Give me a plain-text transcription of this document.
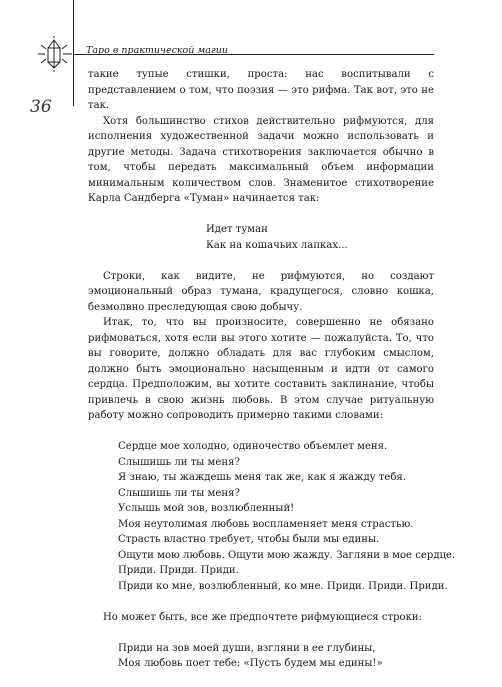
Таро в практической магии

36

такие тупые стишки, проста: нас воспитывали с представлением о том, что поэзия — это рифма. Так вот, это не так.

Хотя большинство стихов действительно рифмуются, для исполнения художественной задачи можно использовать и другие методы. Задача стихотворения заключается обычно в том, чтобы передать максимальный объем информации минимальным количеством слов. Знаменитое стихотворение Карла Сандберга «Туман» начинается так:

Идет туман
Как на кошачьих лапках...

Строки, как видите, не рифмуются, но создают эмоциональный образ тумана, крадущегося, словно кошка, безмолвно преследующая свою добычу.

Итак, то, что вы произносите, совершенно не обязано рифмоваться, хотя если вы этого хотите — пожалуйста. То, что вы говорите, должно обладать для вас глубоким смыслом, должно быть эмоционально насыщенным и идти от самого сердца. Предположим, вы хотите составить заклинание, чтобы привлечь в свою жизнь любовь. В этом случае ритуальную работу можно сопроводить примерно такими словами:

Сердце мое холодно, одиночество объемлет меня.
Слышишь ли ты меня?
Я знаю, ты жаждешь меня так же, как я жажду тебя.
Слышишь ли ты меня?
Услышь мой зов, возлюбленный!
Моя неутолимая любовь воспламеняет меня страстью.
Страсть властно требует, чтобы были мы едины.
Ощути мою любовь. Ощути мою жажду. Загляни в мое сердце.
Приди. Приди. Приди.
Приди ко мне, возлюбленный, ко мне. Приди. Приди. Приди.

Но может быть, все же предпочтете рифмующиеся строки:

Приди на зов моей души, взгляни в ее глубины,
Моя любовь поет тебе: «Пусть будем мы едины!»
